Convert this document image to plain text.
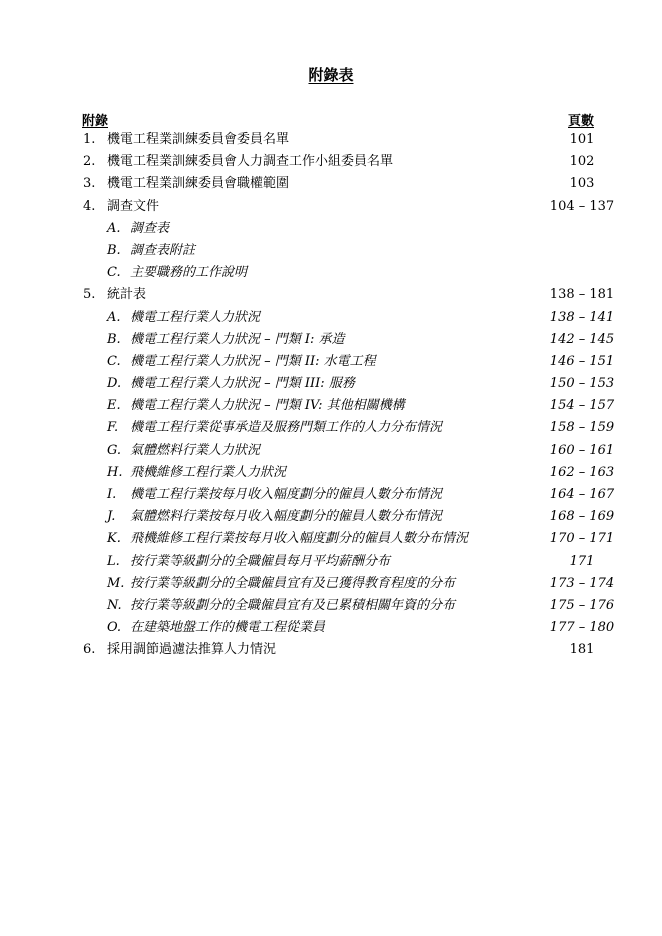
附錄表
附錄	頁數
1. 機電工程業訓練委員會委員名單	101
2. 機電工程業訓練委員會人力調查工作小組委員名單	102
3. 機電工程業訓練委員會職權範圍	103
4. 調查文件	104 – 137
A. 調查表
B. 調查表附註
C. 主要職務的工作說明
5. 統計表	138 – 181
A. 機電工程行業人力狀況	138 – 141
B. 機電工程行業人力狀況 – 門類 I: 承造	142 – 145
C. 機電工程行業人力狀況 – 門類 II: 水電工程	146 – 151
D. 機電工程行業人力狀況 – 門類 III: 服務	150 – 153
E. 機電工程行業人力狀況 – 門類 IV: 其他相關機構	154 – 157
F. 機電工程行業從事承造及服務門類工作的人力分布情況	158 – 159
G. 氣體燃料行業人力狀況	160 – 161
H. 飛機維修工程行業人力狀況	162 – 163
I. 機電工程行業按每月收入幅度劃分的僱員人數分布情況	164 – 167
J. 氣體燃料行業按每月收入幅度劃分的僱員人數分布情況	168 – 169
K. 飛機維修工程行業按每月收入幅度劃分的僱員人數分布情況	170 – 171
L. 按行業等級劃分的全職僱員每月平均薪酬分布	171
M. 按行業等級劃分的全職僱員宜有及已獲得教育程度的分布	173 – 174
N. 按行業等級劃分的全職僱員宜有及已累積相關年資的分布	175 – 176
O. 在建築地盤工作的機電工程從業員	177 – 180
6. 採用調節過濾法推算人力情況	181
